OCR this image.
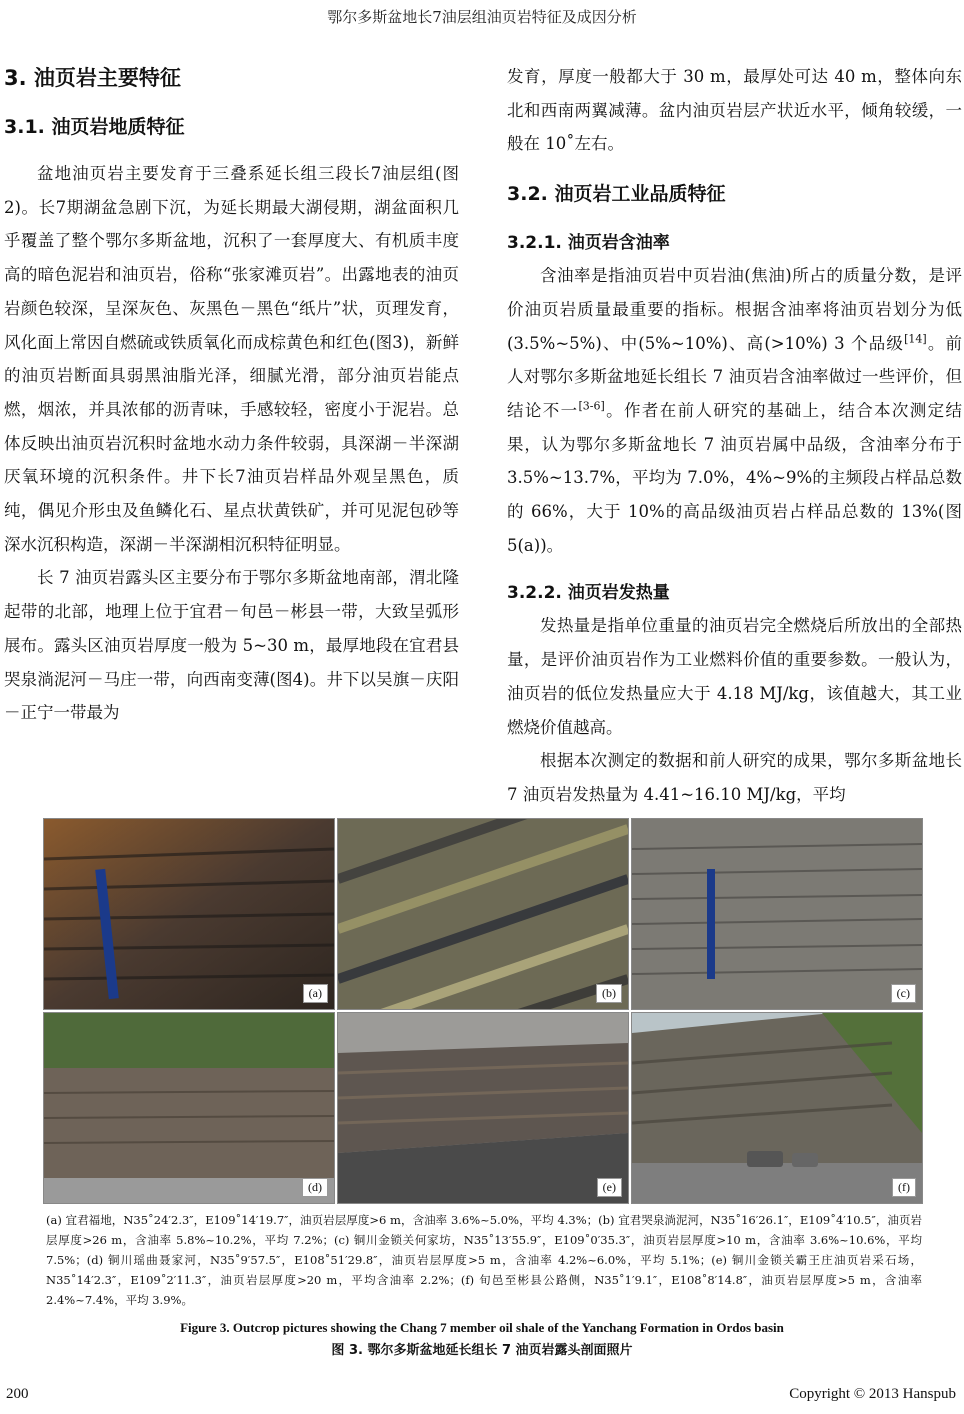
鄂尔多斯盆地长7油层组油页岩特征及成因分析
3. 油页岩主要特征
3.1. 油页岩地质特征

盆地油页岩主要发育于三叠系延长组三段长7油层组(图2)。长7期湖盆急剧下沉，为延长期最大湖侵期，湖盆面积几乎覆盖了整个鄂尔多斯盆地，沉积了一套厚度大、有机质丰度高的暗色泥岩和油页岩，俗称“张家滩页岩”。出露地表的油页岩颜色较深，呈深灰色、灰黑色－黑色“纸片”状，页理发育，风化面上常因自燃硫或铁质氧化而成棕黄色和红色(图3)，新鲜的油页岩断面具弱黑油脂光泽，细腻光滑，部分油页岩能点燃，烟浓，并具浓郁的沥青味，手感较轻，密度小于泥岩。总体反映出油页岩沉积时盆地水动力条件较弱，具深湖－半深湖厌氧环境的沉积条件。井下长7油页岩样品外观呈黑色，质纯，偶见介形虫及鱼鳞化石、星点状黄铁矿，并可见泥包砂等深水沉积构造，深湖－半深湖相沉积特征明显。

长 7 油页岩露头区主要分布于鄂尔多斯盆地南部，渭北隆起带的北部，地理上位于宜君－旬邑－彬县一带，大致呈弧形展布。露头区油页岩厚度一般为 5~30 m，最厚地段在宜君县哭泉淌泥河－马庄一带，向西南变薄(图4)。井下以吴旗－庆阳－正宁一带最为

发育，厚度一般都大于 30 m，最厚处可达 40 m，整体向东北和西南两翼减薄。盆内油页岩层产状近水平，倾角较缓，一般在 10˚左右。

3.2. 油页岩工业品质特征
3.2.1. 油页岩含油率

含油率是指油页岩中页岩油(焦油)所占的质量分数，是评价油页岩质量最重要的指标。根据含油率将油页岩划分为低(3.5%~5%)、中(5%~10%)、高(>10%) 3 个品级[14]。前人对鄂尔多斯盆地延长组长 7 油页岩含油率做过一些评价，但结论不一[3-6]。作者在前人研究的基础上，结合本次测定结果，认为鄂尔多斯盆地长 7 油页岩属中品级，含油率分布于 3.5%~13.7%，平均为 7.0%，4%~9%的主频段占样品总数的 66%，大于 10%的高品级油页岩占样品总数的 13%(图 5(a))。

3.2.2. 油页岩发热量

发热量是指单位重量的油页岩完全燃烧后所放出的全部热量，是评价油页岩作为工业燃料价值的重要参数。一般认为，油页岩的低位发热量应大于 4.18 MJ/kg，该值越大，其工业燃烧价值越高。

根据本次测定的数据和前人研究的成果，鄂尔多斯盆地长 7 油页岩发热量为 4.41~16.10 MJ/kg，平均

(a)	(b)	(c)
(d)	(e)	(f)
(a) 宜君福地，N35˚24′2.3″，E109˚14′19.7″，油页岩层厚度>6 m，含油率 3.6%~5.0%，平均 4.3%；(b) 宜君哭泉淌泥河，N35˚16′26.1″，E109˚4′10.5″，油页岩层厚度>26 m，含油率 5.8%~10.2%，平均 7.2%；(c) 铜川金锁关何家坊，N35˚13′55.9″，E109˚0′35.3″，油页岩层厚度>10 m，含油率 3.6%~10.6%，平均 7.5%；(d) 铜川瑶曲聂家河，N35˚9′57.5″，E108˚51′29.8″，油页岩层厚度>5 m，含油率 4.2%~6.0%，平均 5.1%；(e) 铜川金锁关霸王庄油页岩采石场，N35˚14′2.3″，E109˚2′11.3″，油页岩层厚度>20 m，平均含油率 2.2%；(f) 旬邑至彬县公路侧，N35˚1′9.1″，E108˚8′14.8″，油页岩层厚度>5 m，含油率 2.4%~7.4%，平均 3.9%。
Figure 3. Outcrop pictures showing the Chang 7 member oil shale of the Yanchang Formation in Ordos basin
图 3. 鄂尔多斯盆地延长组长 7 油页岩露头剖面照片
200	Copyright © 2013 Hanspub
